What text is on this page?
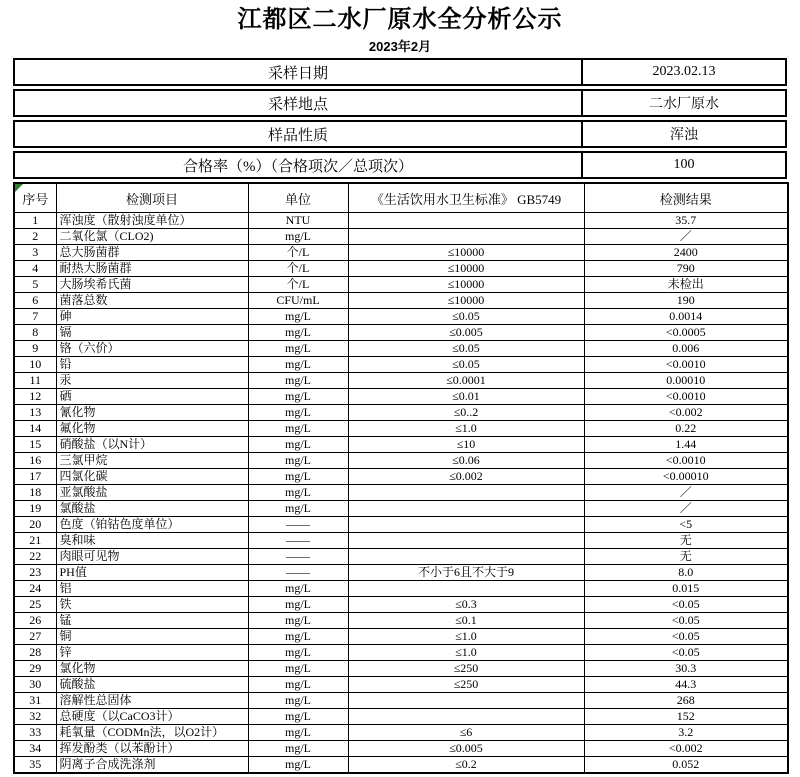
江都区二水厂原水全分析公示
2023年2月
采样日期	2023.02.13
采样地点	二水厂原水
样品性质	浑浊
合格率（%）（合格项次／总项次）	100
序号	检测项目	单位	《生活饮用水卫生标准》 GB5749	检测结果
1	浑浊度（散射浊度单位）	NTU		35.7
2	二氧化氯（CLO2)	mg/L		／
3	总大肠菌群	个/L	≤10000	2400
4	耐热大肠菌群	个/L	≤10000	790
5	大肠埃希氏菌	个/L	≤10000	未检出
6	菌落总数	CFU/mL	≤10000	190
7	砷	mg/L	≤0.05	0.0014
8	镉	mg/L	≤0.005	<0.0005
9	铬（六价）	mg/L	≤0.05	0.006
10	铅	mg/L	≤0.05	<0.0010
11	汞	mg/L	≤0.0001	0.00010
12	硒	mg/L	≤0.01	<0.0010
13	氰化物	mg/L	≤0..2	<0.002
14	氟化物	mg/L	≤1.0	0.22
15	硝酸盐（以N计）	mg/L	≤10	1.44
16	三氯甲烷	mg/L	≤0.06	<0.0010
17	四氯化碳	mg/L	≤0.002	<0.00010
18	亚氯酸盐	mg/L		／
19	氯酸盐	mg/L		／
20	色度（铂钴色度单位）	——		<5
21	臭和味	——		无
22	肉眼可见物	——		无
23	PH值	——	不小于6且不大于9	8.0
24	铝	mg/L		0.015
25	铁	mg/L	≤0.3	<0.05
26	锰	mg/L	≤0.1	<0.05
27	铜	mg/L	≤1.0	<0.05
28	锌	mg/L	≤1.0	<0.05
29	氯化物	mg/L	≤250	30.3
30	硫酸盐	mg/L	≤250	44.3
31	溶解性总固体	mg/L		268
32	总硬度（以CaCO3计）	mg/L		152
33	耗氧量（CODMn法，以O2计）	mg/L	≤6	3.2
34	挥发酚类（以苯酚计）	mg/L	≤0.005	<0.002
35	阴离子合成洗涤剂	mg/L	≤0.2	0.052
